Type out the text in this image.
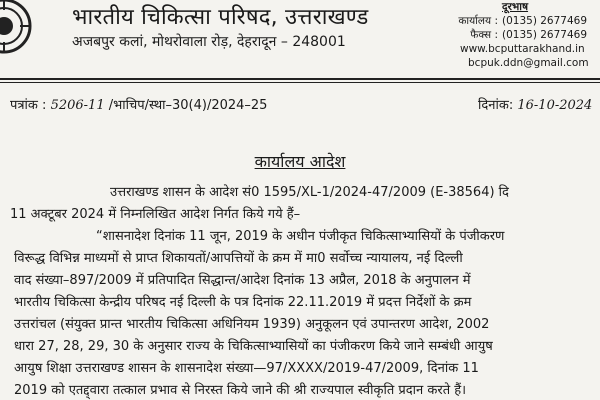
भारतीय चिकित्सा परिषद, उत्तराखण्ड
अजबपुर कलां, मोथरोवाला रोड़, देहरादून – 248001
दूरभाष
कार्यालय : (0135) 2677469
फैक्स : (0135) 2677469
www.bcputtarakhand.in
bcpuk.ddn@gmail.com
पत्रांक : 5206-11 /भाचिप/स्था–30(4)/2024–25	दिनांक: 16-10-2024
कार्यालय आदेश
उत्तराखण्ड शासन के आदेश सं0 1595/XL-1/2024-47/2009 (E-38564) दि
11 अक्टूबर 2024 में निम्नलिखित आदेश निर्गत किये गये हैं–
“शासनादेश दिनांक 11 जून, 2019 के अधीन पंजीकृत चिकित्साभ्यासियों के पंजीकरण
विरूद्ध विभिन्न माध्यमों से प्राप्त शिकायतों/आपत्तियों के क्रम में मा0 सर्वोच्च न्यायालय, नई दिल्ली
वाद संख्या–897/2009 में प्रतिपादित सिद्धान्त/आदेश दिनांक 13 अप्रैल, 2018 के अनुपालन में
भारतीय चिकित्सा केन्द्रीय परिषद नई दिल्ली के पत्र दिनांक 22.11.2019 में प्रदत्त निर्देशों के क्रम
उत्तरांचल (संयुक्त प्रान्त भारतीय चिकित्सा अधिनियम 1939) अनुकूलन एवं उपान्तरण आदेश, 2002
धारा 27, 28, 29, 30 के अनुसार राज्य के चिकित्साभ्यासियों का पंजीकरण किये जाने सम्बंधी आयुष
आयुष शिक्षा उत्तराखण्ड शासन के शासनादेश संख्या—97/XXXX/2019-47/2009, दिनांक 11
2019 को एतद्द्वारा तत्काल प्रभाव से निरस्त किये जाने की श्री राज्यपाल स्वीकृति प्रदान करते हैं।
